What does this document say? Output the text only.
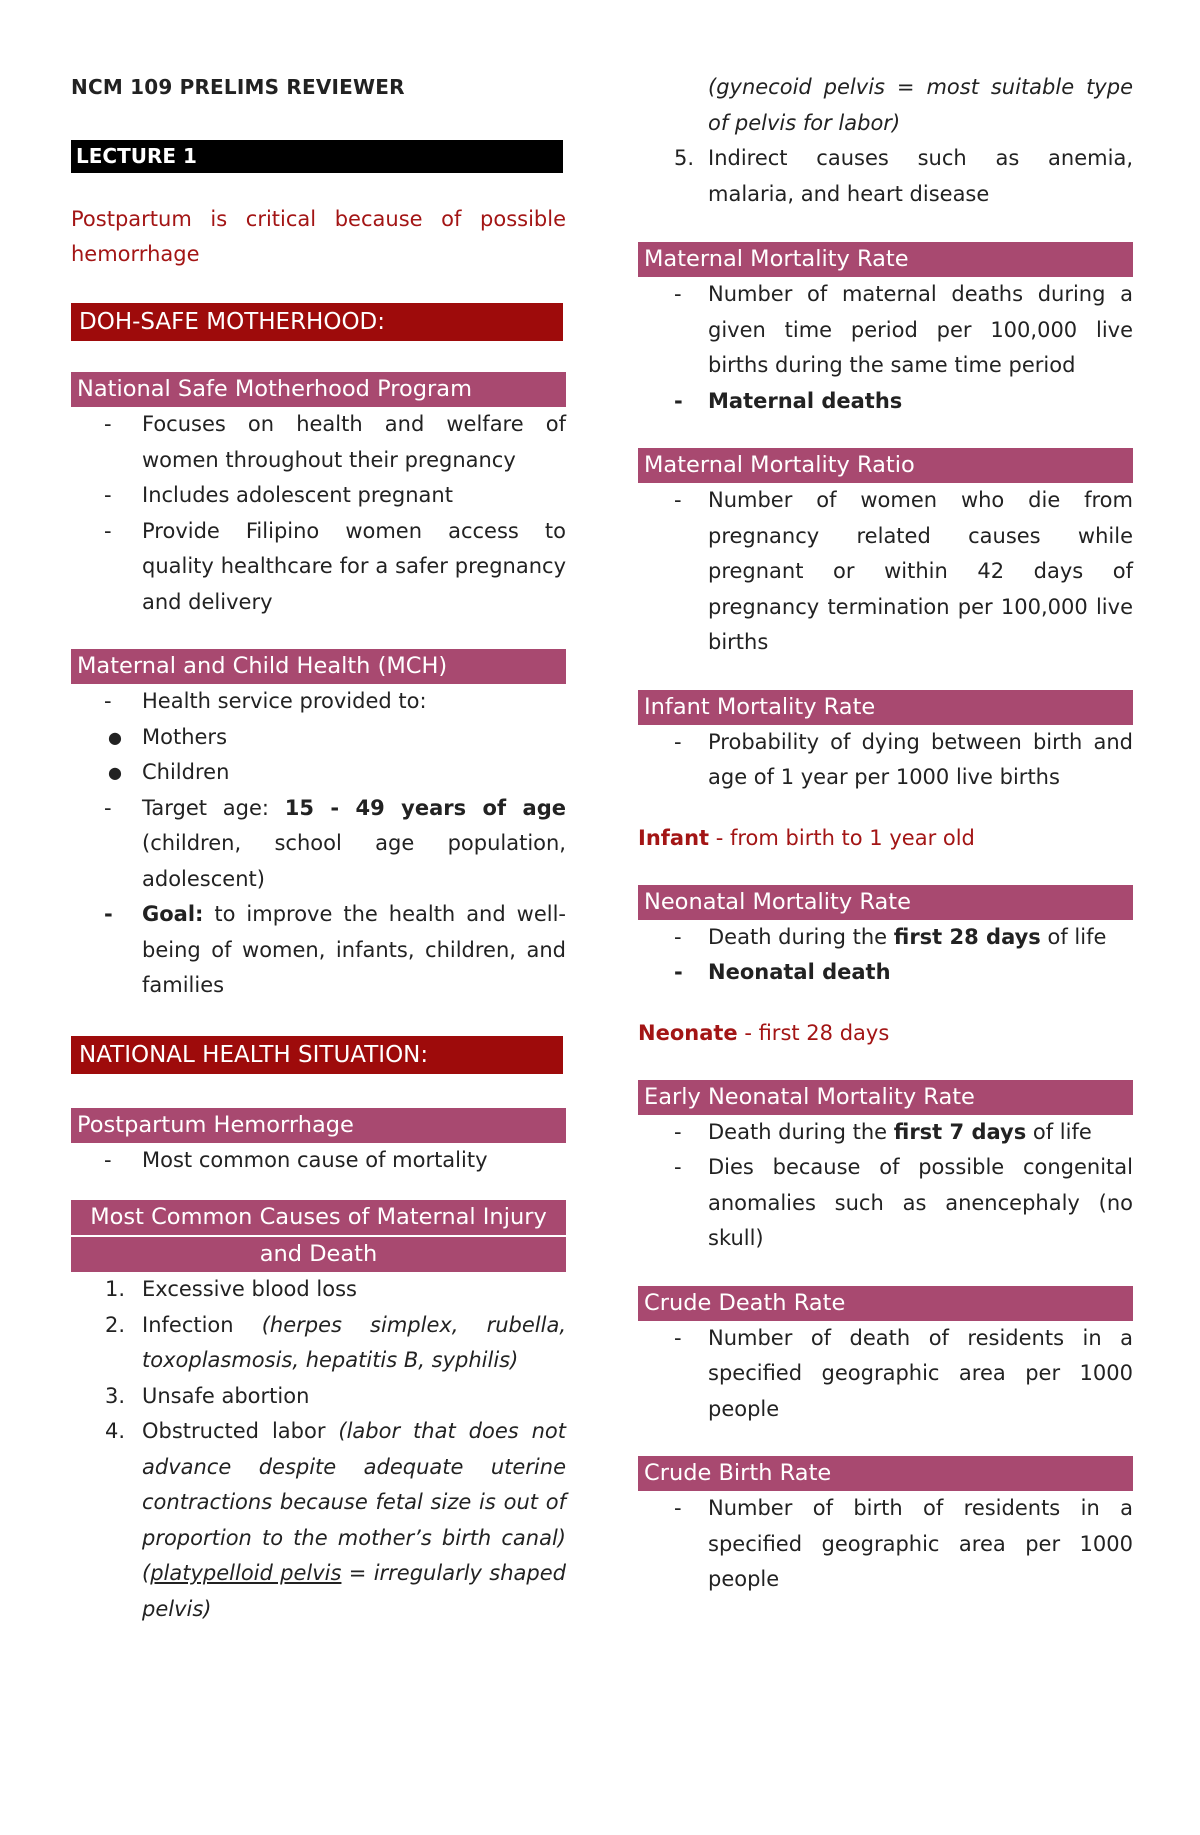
NCM 109 PRELIMS REVIEWER
LECTURE 1

Postpartum is critical because of possible hemorrhage

DOH-SAFE MOTHERHOOD:
National Safe Motherhood Program
- Focuses on health and welfare of women throughout their pregnancy
- Includes adolescent pregnant
- Provide Filipino women access to quality healthcare for a safer pregnancy and delivery
Maternal and Child Health (MCH)
- Health service provided to:
● Mothers
● Children
- Target age: 15 - 49 years of age (children, school age population, adolescent)
- Goal: to improve the health and well-being of women, infants, children, and families
NATIONAL HEALTH SITUATION:
Postpartum Hemorrhage
- Most common cause of mortality
Most Common Causes of Maternal Injury
and Death
1. Excessive blood loss
2. Infection (herpes simplex, rubella, toxoplasmosis, hepatitis B, syphilis)
3. Unsafe abortion
4. Obstructed labor (labor that does not advance despite adequate uterine contractions because fetal size is out of proportion to the mother’s birth canal) (platypelloid pelvis = irregularly shaped pelvis)
(gynecoid pelvis = most suitable type of pelvis for labor)
5. Indirect causes such as anemia, malaria, and heart disease
Maternal Mortality Rate
- Number of maternal deaths during a given time period per 100,000 live births during the same time period
- Maternal deaths
Maternal Mortality Ratio
- Number of women who die from pregnancy related causes while pregnant or within 42 days of pregnancy termination per 100,000 live births
Infant Mortality Rate
- Probability of dying between birth and age of 1 year per 1000 live births

Infant - from birth to 1 year old

Neonatal Mortality Rate
- Death during the first 28 days of life
- Neonatal death

Neonate - first 28 days

Early Neonatal Mortality Rate
- Death during the first 7 days of life
- Dies because of possible congenital anomalies such as anencephaly (no skull)
Crude Death Rate
- Number of death of residents in a specified geographic area per 1000 people
Crude Birth Rate
- Number of birth of residents in a specified geographic area per 1000 people
